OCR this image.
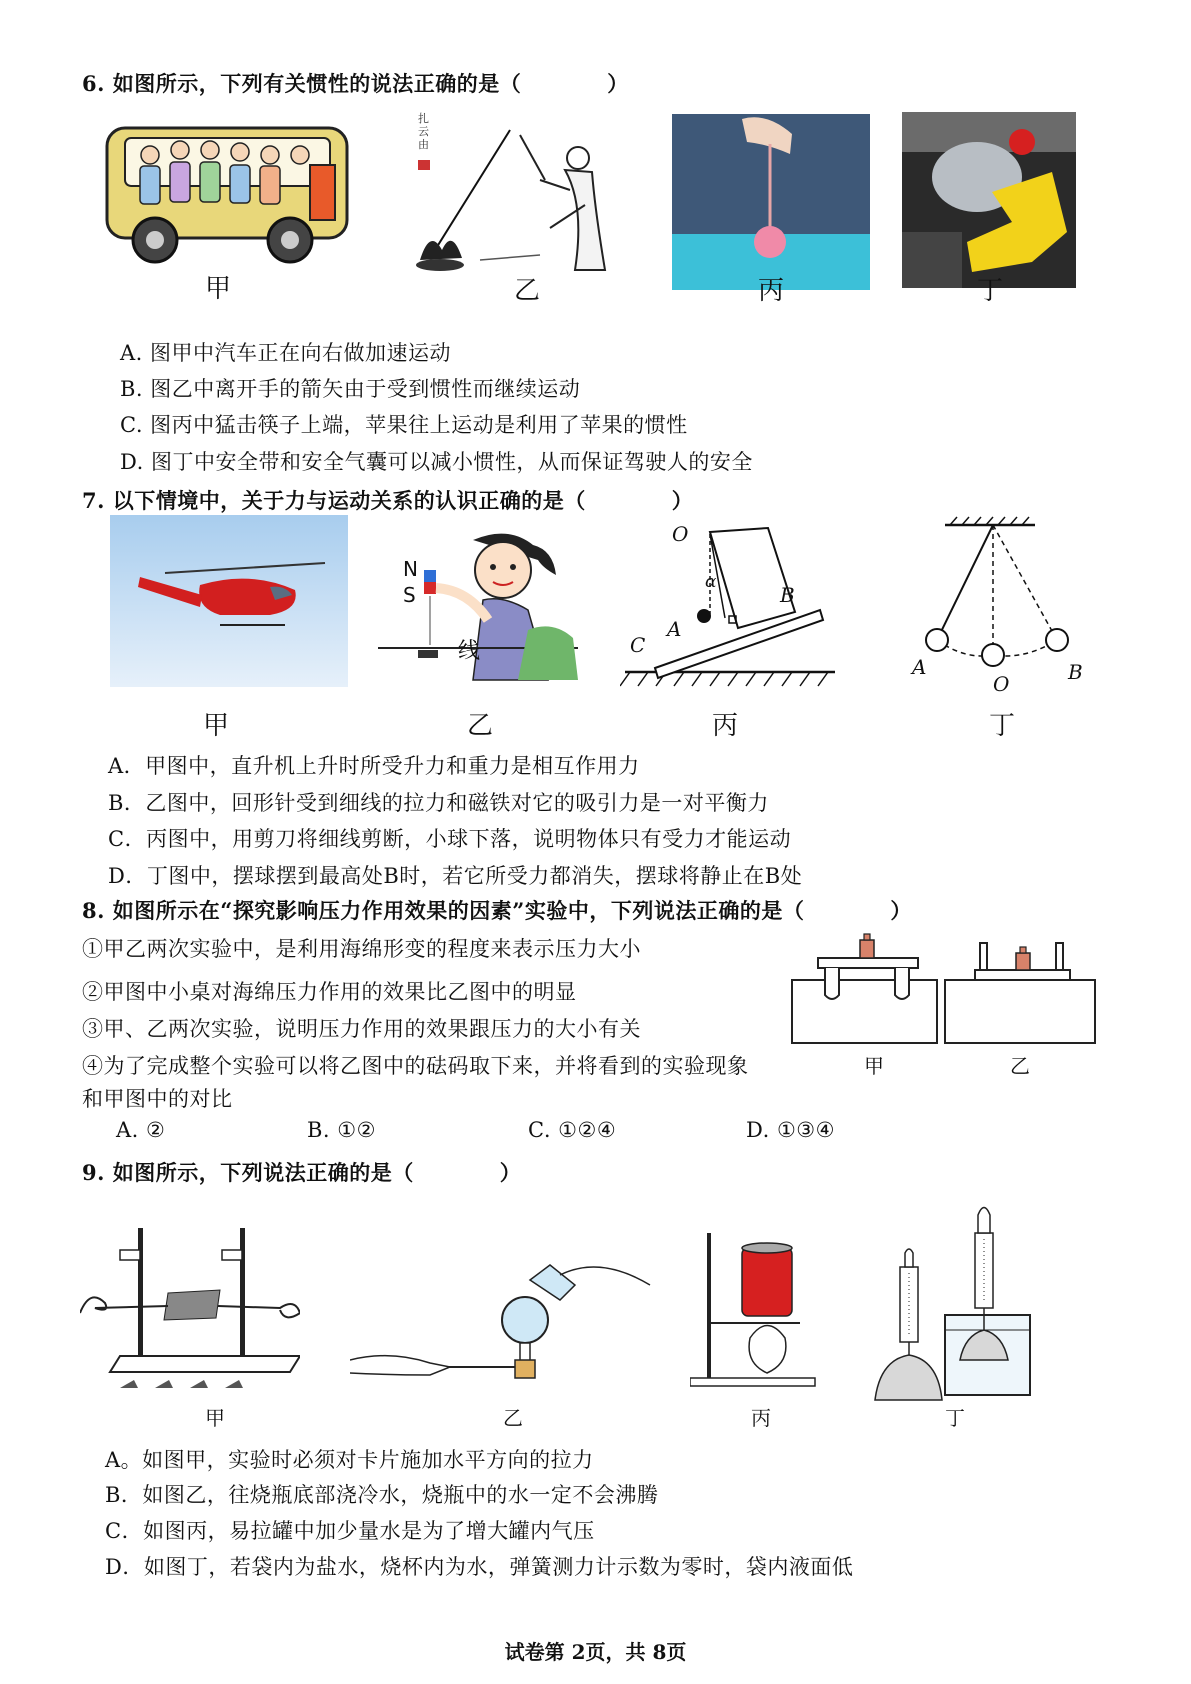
6. 如图所示，下列有关惯性的说法正确的是（　　　　）
甲
扎云由
乙	丙	丁
A. 图甲中汽车正在向右做加速运动
B. 图乙中离开手的箭矢由于受到惯性而继续运动
C. 图丙中猛击筷子上端，苹果往上运动是利用了苹果的惯性
D. 图丁中安全带和安全气囊可以减小惯性，从而保证驾驶人的安全
7. 以下情境中，关于力与运动关系的认识正确的是（　　　　）
甲
N
S
线
乙
O
α
A
B
C
丙
A
O	B
丁
A．甲图中，直升机上升时所受升力和重力是相互作用力
B．乙图中，回形针受到细线的拉力和磁铁对它的吸引力是一对平衡力
C．丙图中，用剪刀将细线剪断，小球下落，说明物体只有受力才能运动
D．丁图中，摆球摆到最高处B时，若它所受力都消失，摆球将静止在B处
8. 如图所示在“探究影响压力作用效果的因素”实验中，下列说法正确的是（　　　　）
①甲乙两次实验中，是利用海绵形变的程度来表示压力大小
②甲图中小桌对海绵压力作用的效果比乙图中的明显
③甲、乙两次实验，说明压力作用的效果跟压力的大小有关
④为了完成整个实验可以将乙图中的砝码取下来，并将看到的实验现象
和甲图中的对比
甲	乙
A. ②	B. ①②	C. ①②④	D. ①③④
9. 如图所示，下列说法正确的是（　　　　）
甲	乙	丙	丁
A。如图甲，实验时必须对卡片施加水平方向的拉力
B．如图乙，往烧瓶底部浇冷水，烧瓶中的水一定不会沸腾
C．如图丙，易拉罐中加少量水是为了增大罐内气压
D．如图丁，若袋内为盐水，烧杯内为水，弹簧测力计示数为零时，袋内液面低
试卷第 2页，共 8页
